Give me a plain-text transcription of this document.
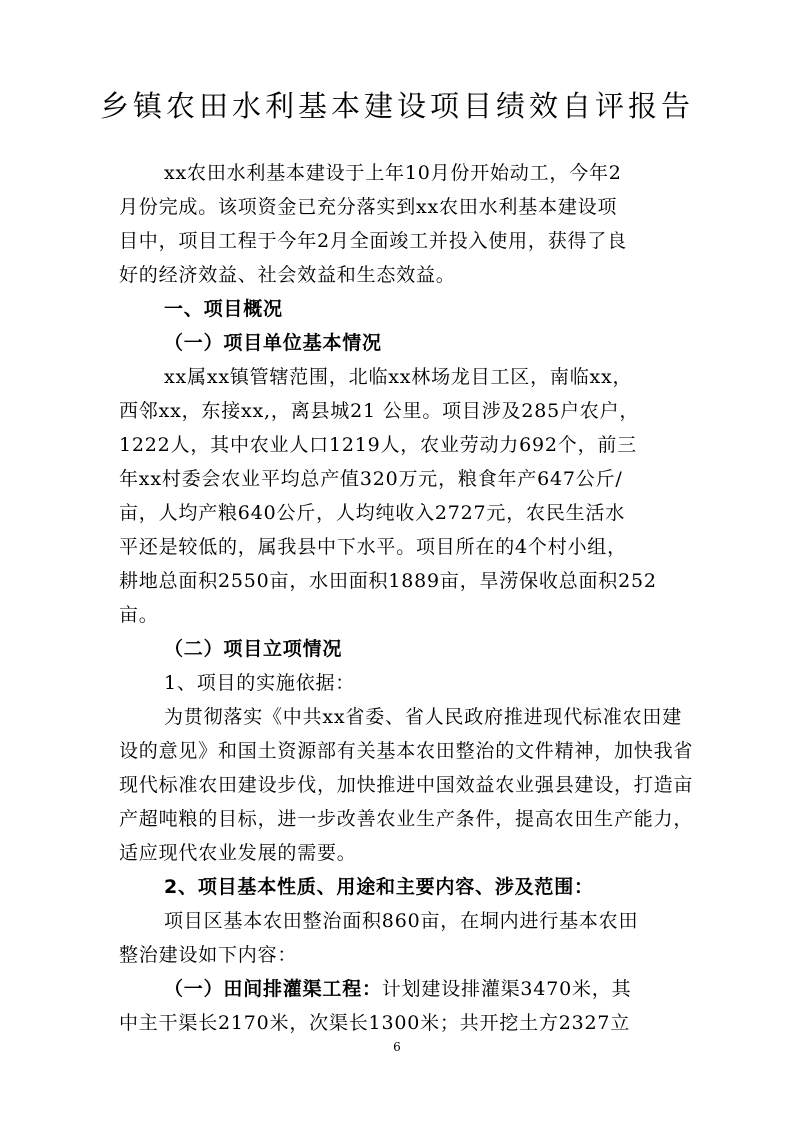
乡镇农田水利基本建设项目绩效自评报告
xx农田水利基本建设于上年10月份开始动工，今年2
月份完成。该项资金已充分落实到xx农田水利基本建设项
目中，项目工程于今年2月全面竣工并投入使用，获得了良
好的经济效益、社会效益和生态效益。
一、项目概况
（一）项目单位基本情况
xx属xx镇管辖范围，北临xx林场龙目工区，南临xx，
西邻xx，东接xx,，离县城21 公里。项目涉及285户农户，
1222人，其中农业人口1219人，农业劳动力692个，前三
年xx村委会农业平均总产值320万元，粮食年产647公斤/
亩，人均产粮640公斤，人均纯收入2727元，农民生活水
平还是较低的，属我县中下水平。项目所在的4个村小组，
耕地总面积2550亩，水田面积1889亩，旱涝保收总面积252
亩。
（二）项目立项情况
1、项目的实施依据：
为贯彻落实《中共xx省委、省人民政府推进现代标准农田建
设的意见》和国土资源部有关基本农田整治的文件精神，加快我省
现代标准农田建设步伐，加快推进中国效益农业强县建设，打造亩
产超吨粮的目标，进一步改善农业生产条件，提高农田生产能力，
适应现代农业发展的需要。
2、项目基本性质、用途和主要内容、涉及范围：
项目区基本农田整治面积860亩，在垌内进行基本农田
整治建设如下内容：
（一）田间排灌渠工程：计划建设排灌渠3470米，其
中主干渠长2170米，次渠长1300米；共开挖土方2327立
6
